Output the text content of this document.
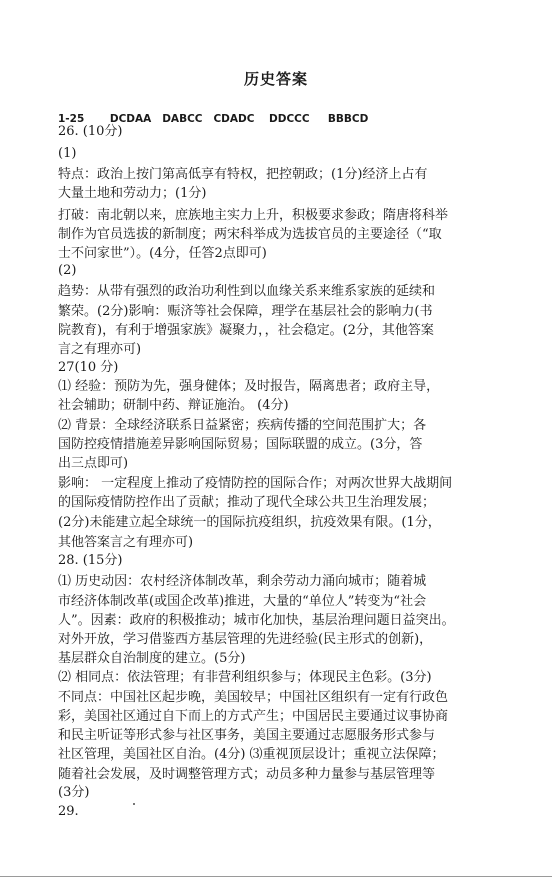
历史答案
1-25       DCDAA   DABCC   CDADC    DDCCC     BBBCD
26. (10分)
(1)
特点：政治上按门第高低享有特权，把控朝政；(1分)经济上占有
大量土地和劳动力；(1分)
打破：南北朝以来，庶族地主实力上升，积极要求参政；隋唐将科举
制作为官员选拔的新制度；两宋科举成为选拔官员的主要途径（“取
士不问家世”）。(4分，任答2点即可)
(2)
趋势：从带有强烈的政治功利性到以血缘关系来维系家族的延续和
繁荣。(2分)影响：赈济等社会保障，理学在基层社会的影响力(书
院教育)，有利于增强家族》凝聚力，，社会稳定。(2分，其他答案
言之有理亦可)
27(10 分)
⑴ 经验：预防为先，强身健体；及时报告，隔离患者；政府主导，
社会辅助；研制中药、辩证施治。 (4分)
⑵ 背景：全球经济联系日益紧密；疾病传播的空间范围扩大；各
国防控疫情措施差异影响国际贸易；国际联盟的成立。(3分，答
出三点即可)
影响： 一定程度上推动了疫情防控的国际合作；对两次世界大战期间
的国际疫情防控作出了贡献；推动了现代全球公共卫生治理发展；
(2分)未能建立起全球统一的国际抗疫组织，抗疫效果有限。(1分，
其他答案言之有理亦可)
28. (15分)
⑴ 历史动因：农村经济体制改革，剩余劳动力涌向城市；随着城
市经济体制改革(或国企改革)推进，大量的“单位人”转变为“社会
人”。因素：政府的积极推动；城市化加快，基层治理问题日益突出。
对外开放，学习借鉴西方基层管理的先进经验(民主形式的创新)，
基层群众自治制度的建立。(5分)
⑵ 相同点：依法管理；有非营利组织参与；体现民主色彩。(3分)
不同点：中国社区起步晚，美国较早；中国社区组织有一定有行政色
彩，美国社区通过自下而上的方式产生；中国居民主要通过议事协商
和民主听证等形式参与社区事务，美国主要通过志愿服务形式参与
社区管理，美国社区自治。(4分) ⑶重视顶层设计；重视立法保障；
随着社会发展，及时调整管理方式；动员多种力量参与基层管理等
(3分)
29.
